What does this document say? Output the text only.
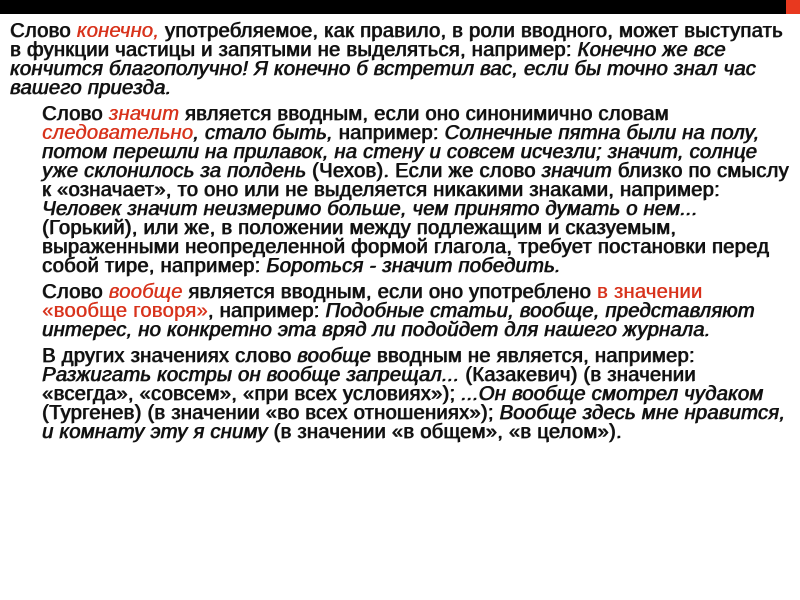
Слово конечно, употребляемое, как правило, в роли вводного, может выступать в функции частицы и запятыми не выделяться, например: Конечно же все кончится благополучно! Я конечно б встретил вас, если бы точно знал час вашего приезда.

Слово значит является вводным, если оно синонимично словам следовательно, стало быть, например: Солнечные пятна были на полу, потом перешли на прилавок, на стену и совсем исчезли; значит, солнце уже склонилось за полдень (Чехов). Если же слово значит близко по смыслу к «означает», то оно или не выделяется никакими знаками, например: Человек значит неизмеримо больше, чем принято думать о нем... (Горький), или же, в положении между подлежащим и сказуемым, выраженными неопределенной формой глагола, требует постановки перед собой тире, например: Бороться - значит победить.

Слово вообще является вводным, если оно употреблено в значении «вообще говоря», например: Подобные статьи, вообще, представляют интерес, но конкретно эта вряд ли подойдет для нашего журнала.

В других значениях слово вообще вводным не является, например: Разжигать костры он вообще запрещал... (Казакевич) (в значении «всегда», «совсем», «при всех условиях»); ...Он вообще смотрел чудаком (Тургенев) (в значении «во всех отношениях»); Вообще здесь мне нравится, и комнату эту я сниму (в значении «в общем», «в целом»).
